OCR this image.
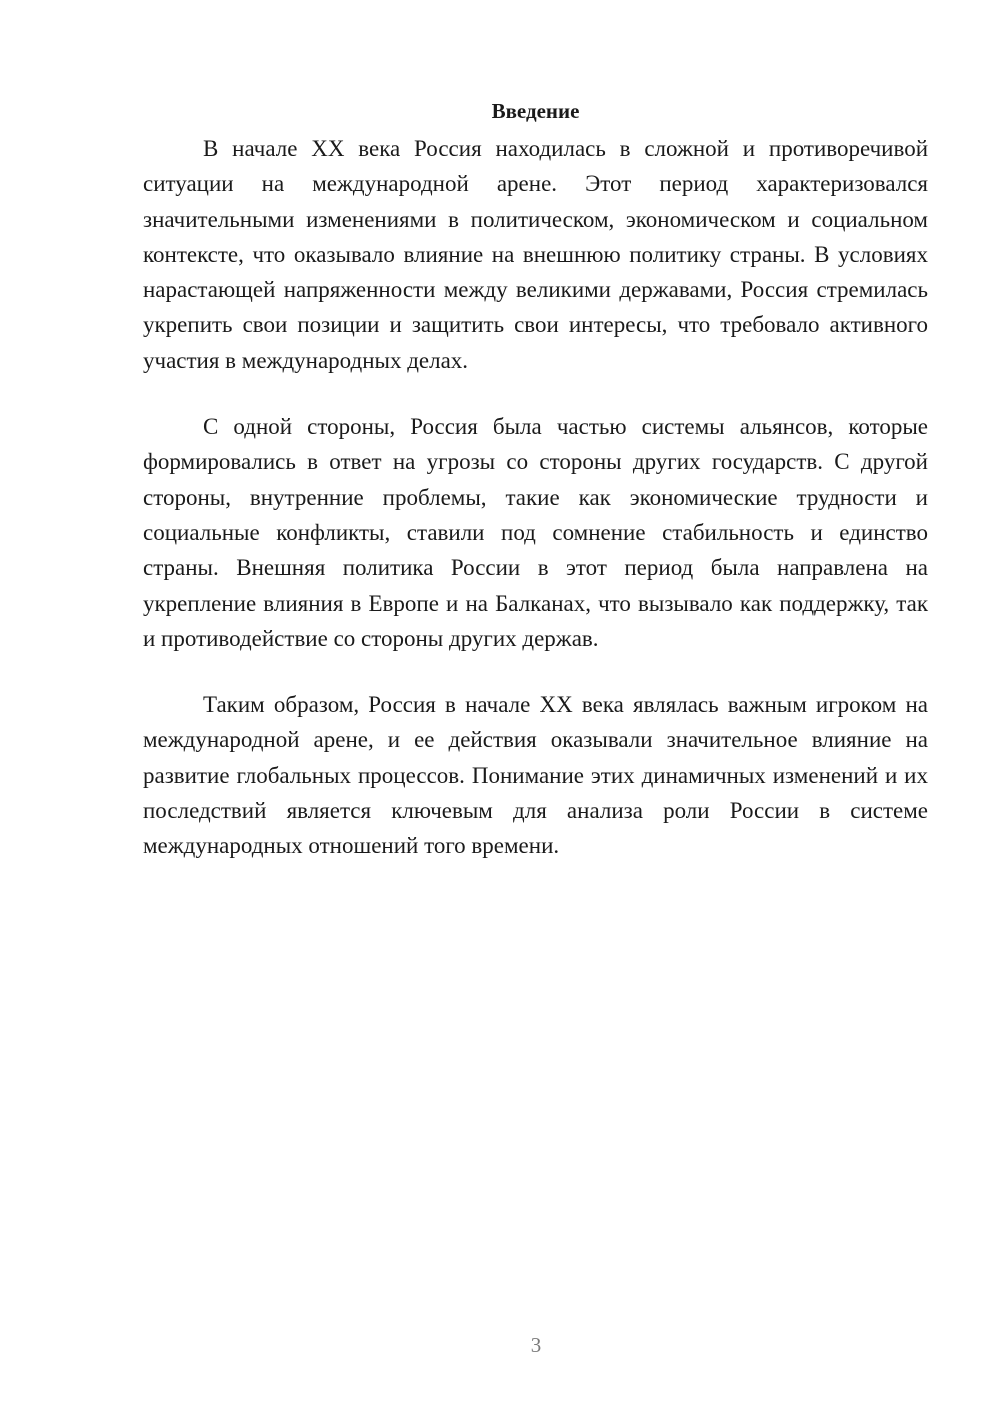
Введение

В начале XX века Россия находилась в сложной и противоречивой ситуации на международной арене. Этот период характеризовался значительными изменениями в политическом, экономическом и социальном контексте, что оказывало влияние на внешнюю политику страны. В условиях нарастающей напряженности между великими державами, Россия стремилась укрепить свои позиции и защитить свои интересы, что требовало активного участия в международных делах.

С одной стороны, Россия была частью системы альянсов, которые формировались в ответ на угрозы со стороны других государств. С другой стороны, внутренние проблемы, такие как экономические трудности и социальные конфликты, ставили под сомнение стабильность и единство страны. Внешняя политика России в этот период была направлена на укрепление влияния в Европе и на Балканах, что вызывало как поддержку, так и противодействие со стороны других держав.

Таким образом, Россия в начале XX века являлась важным игроком на международной арене, и ее действия оказывали значительное влияние на развитие глобальных процессов. Понимание этих динамичных изменений и их последствий является ключевым для анализа роли России в системе международных отношений того времени.

3
